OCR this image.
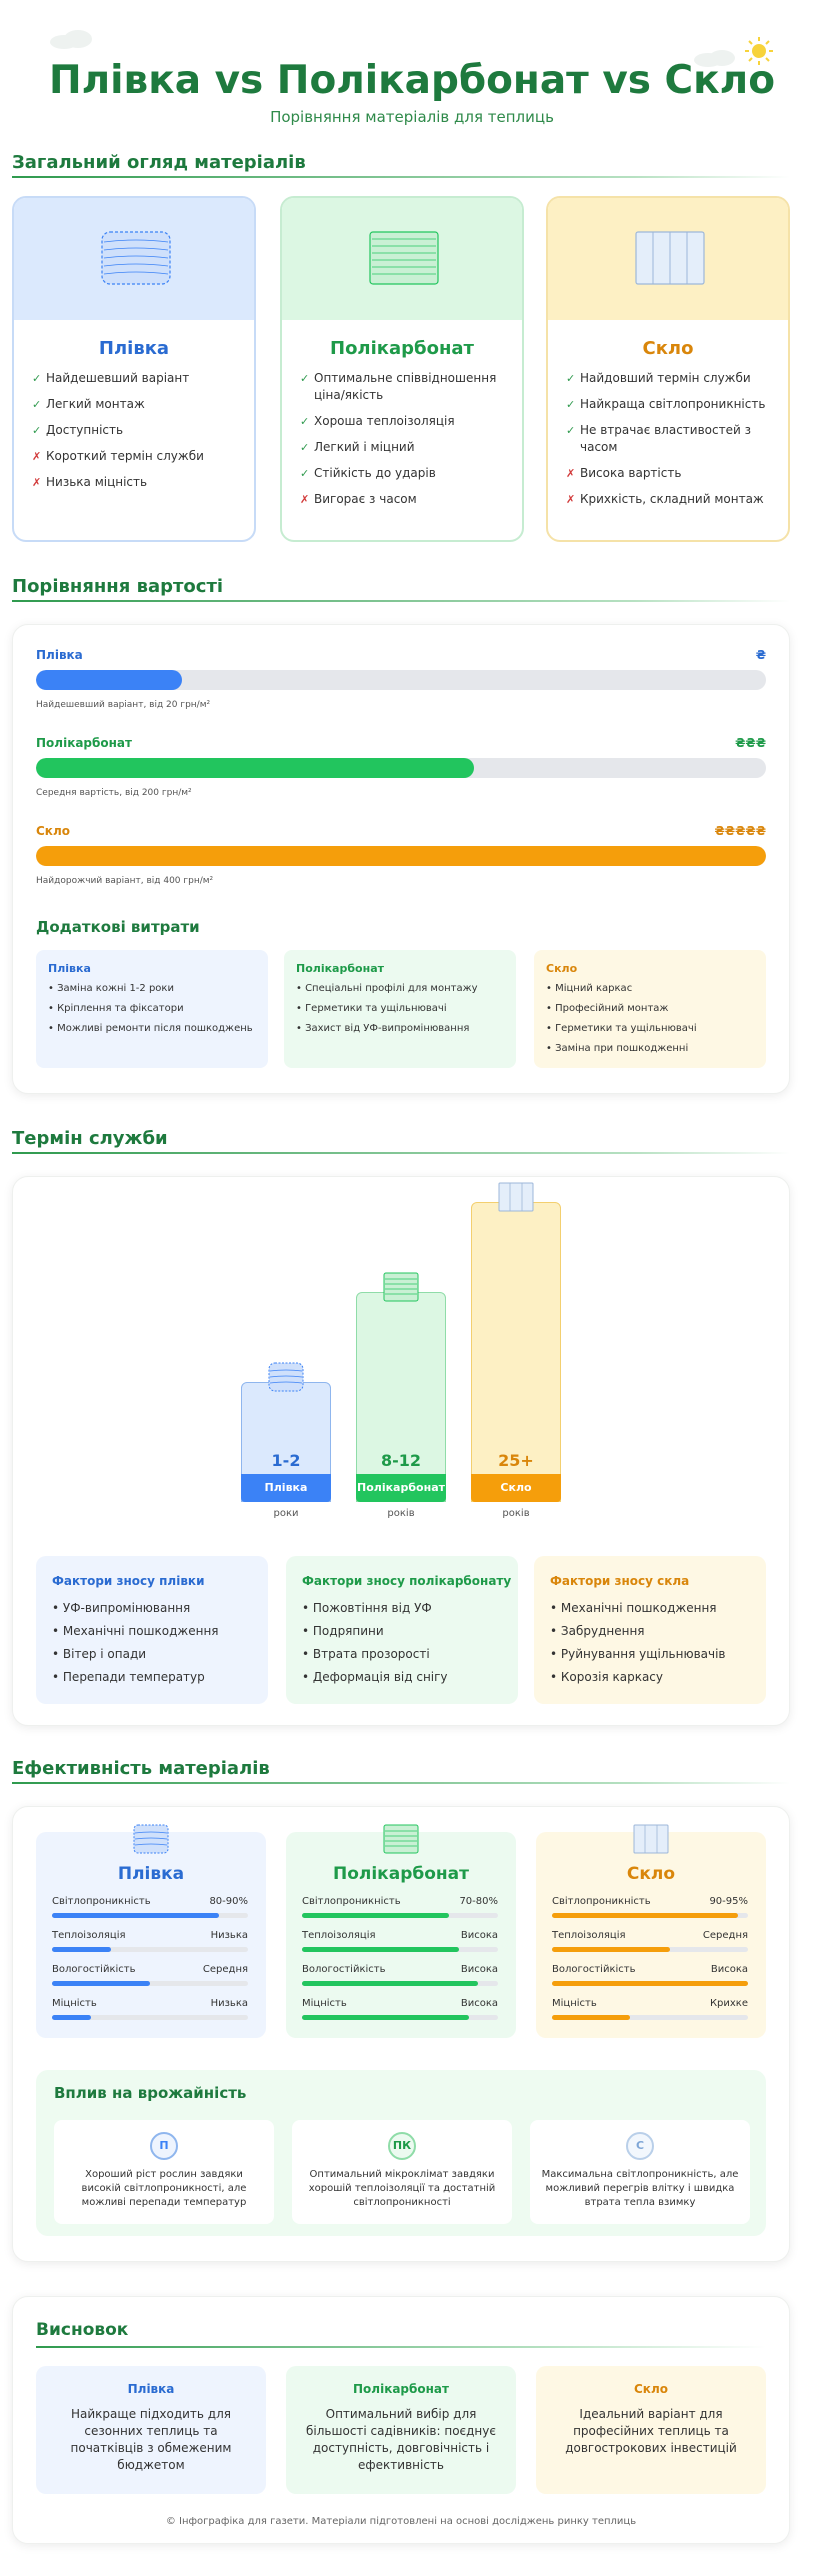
Плівка vs Полікарбонат vs Скло
Порівняння матеріалів для теплиць
Загальний огляд матеріалів
Плівка
✓ Найдешевший варіант
✓ Легкий монтаж
✓ Доступність
✗ Короткий термін служби
✗ Низька міцність
Полікарбонат
✓ Оптимальне співвідношення ціна/якість
✓ Хороша теплоізоляція
✓ Легкий і міцний
✓ Стійкість до ударів
✗ Вигорає з часом
Скло
✓ Найдовший термін служби
✓ Найкраща світлопроникність
✓ Не втрачає властивостей з часом
✗ Висока вартість
✗ Крихкість, складний монтаж
Порівняння вартості
Плівка	₴
Найдешевший варіант, від 20 грн/м²
Полікарбонат	₴₴₴
Середня вартість, від 200 грн/м²
Скло	₴₴₴₴₴
Найдорожчий варіант, від 400 грн/м²
Додаткові витрати
Плівка
• Заміна кожні 1-2 роки
• Кріплення та фіксатори
• Можливі ремонти після пошкоджень
Полікарбонат
• Спеціальні профілі для монтажу
• Герметики та ущільнювачі
• Захист від УФ-випромінювання
Скло
• Міцний каркас
• Професійний монтаж
• Герметики та ущільнювачі
• Заміна при пошкодженні
Термін служби
1-2
Плівка
роки
8-12
Полікарбонат
років
25+
Скло
років
Фактори зносу плівки
• УФ-випромінювання
• Механічні пошкодження
• Вітер і опади
• Перепади температур
Фактори зносу полікарбонату
• Пожовтіння від УФ
• Подряпини
• Втрата прозорості
• Деформація від снігу
Фактори зносу скла
• Механічні пошкодження
• Забруднення
• Руйнування ущільнювачів
• Корозія каркасу
Ефективність матеріалів
Плівка
Світлопроникність	80-90%
Теплоізоляція	Низька
Вологостійкість	Середня
Міцність	Низька
Полікарбонат
Світлопроникність	70-80%
Теплоізоляція	Висока
Вологостійкість	Висока
Міцність	Висока
Скло
Світлопроникність	90-95%
Теплоізоляція	Середня
Вологостійкість	Висока
Міцність	Крихке
Вплив на врожайність
П
Хороший ріст рослин завдяки високій світлопроникності, але можливі перепади температур
ПК
Оптимальний мікроклімат завдяки хорошій теплоізоляції та достатній світлопроникності
С
Максимальна світлопроникність, але можливий перегрів влітку і швидка втрата тепла взимку
Висновок
Плівка
Найкраще підходить для сезонних теплиць та початківців з обмеженим бюджетом
Полікарбонат
Оптимальний вибір для більшості садівників: поєднує доступність, довговічність і ефективність
Скло
Ідеальний варіант для професійних теплиць та довгострокових інвестицій
© Інфографіка для газети. Матеріали підготовлені на основі досліджень ринку теплиць
